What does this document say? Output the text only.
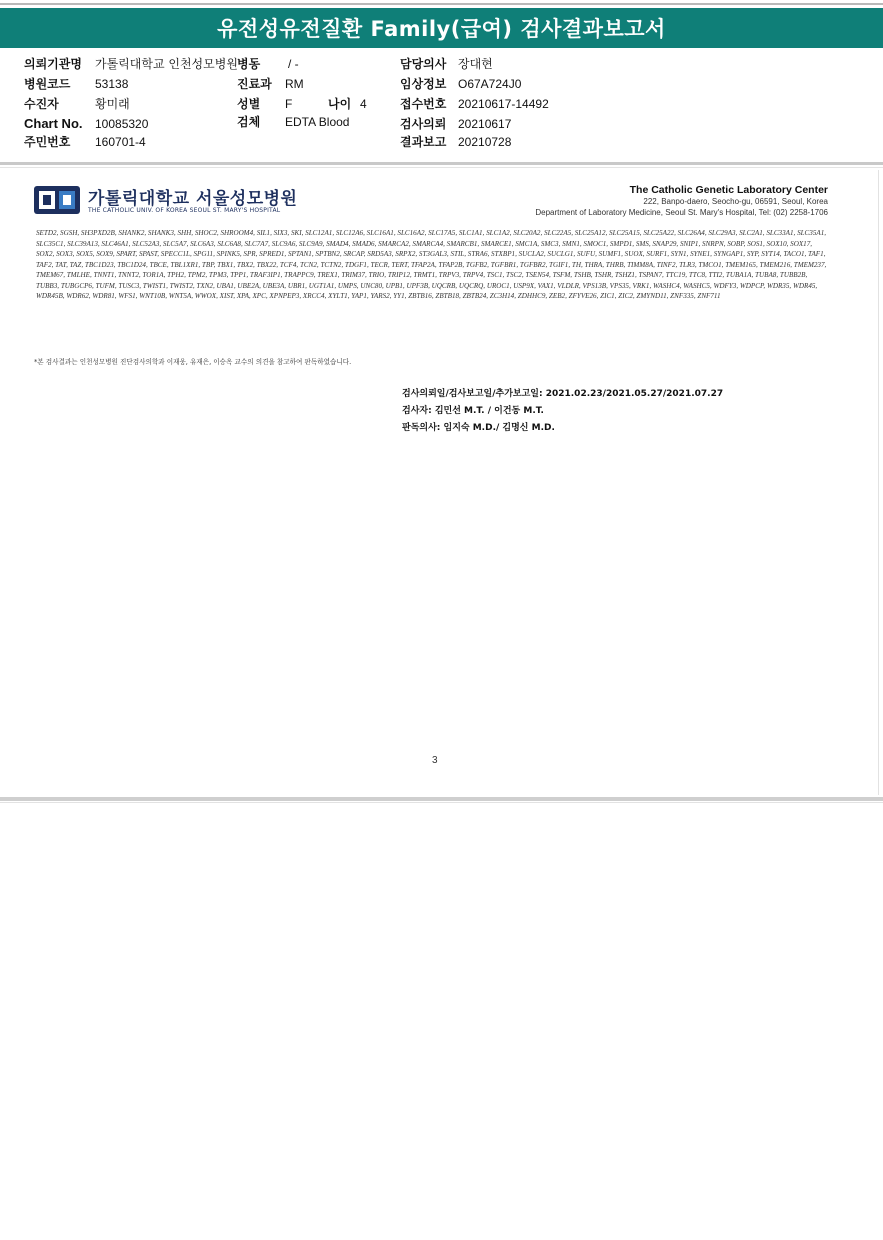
유전성유전질환 Family(급여) 검사결과보고서
의뢰기관명 가톨릭대학교 인천성모병원 병동 / -	담당의사 장대현
병원코드 53138	진료과 RM	임상정보 O67A724J0
수진자	황미래	성별 F	나이 4	접수번호 20210617-14492
Chart No. 10085320	검체 EDTA Blood	검사의뢰 20210617
주민번호 160701-4	결과보고 20210728
가톨릭대학교 서울성모병원
THE CATHOLIC UNIV. OF KOREA SEOUL ST. MARY'S HOSPITAL
The Catholic Genetic Laboratory Center
222, Banpo-daero, Seocho-gu, 06591, Seoul, Korea
Department of Laboratory Medicine, Seoul St. Mary's Hospital, Tel: (02) 2258-1706
SETD2, SGSH, SH3PXD2B, SHANK2, SHANK3, SHH, SHOC2, SHROOM4, SIL1, SIX3, SKI, SLC12A1, SLC12A6, SLC16A1, SLC16A2, SLC17A5, SLC1A1, SLC1A2, SLC20A2, SLC22A5, SLC25A12, SLC25A15, SLC25A22, SLC26A4, SLC29A3, SLC2A1, SLC33A1, SLC35A1, SLC35C1, SLC39A13, SLC46A1, SLC52A3, SLC5A7, SLC6A3, SLC6A8, SLC7A7, SLC9A6, SLC9A9, SMAD4, SMAD6, SMARCA2, SMARCA4, SMARCB1, SMARCE1, SMC1A, SMC3, SMN1, SMOC1, SMPD1, SMS, SNAP29, SNIP1, SNRPN, SOBP, SOS1, SOX10, SOX17, SOX2, SOX3, SOX5, SOX9, SPART, SPAST, SPECC1L, SPG11, SPINK5, SPR, SPRED1, SPTAN1, SPTBN2, SRCAP, SRD5A3, SRPX2, ST3GAL3, STIL, STRA6, STXBP1, SUCLA2, SUCLG1, SUFU, SUMF1, SUOX, SURF1, SYN1, SYNE1, SYNGAP1, SYP, SYT14, TACO1, TAF1, TAF2, TAT, TAZ, TBC1D23, TBC1D24, TBCE, TBL1XR1, TBP, TBX1, TBX2, TBX22, TCF4, TCN2, TCTN2, TDGF1, TECR, TERT, TFAP2A, TFAP2B, TGFB2, TGFBR1, TGFBR2, TGIF1, TH, THRA, THRB, TIMM8A, TINF2, TLR3, TMCO1, TMEM165, TMEM216, TMEM237, TMEM67, TMLHE, TNNT1, TNNT2, TOR1A, TPH2, TPM2, TPM3, TPP1, TRAF3IP1, TRAPPC9, TREX1, TRIM37, TRIO, TRIP12, TRMT1, TRPV3, TRPV4, TSC1, TSC2, TSEN54, TSFM, TSHB, TSHR, TSHZ1, TSPAN7, TTC19, TTC8, TTI2, TUBA1A, TUBA8, TUBB2B, TUBB3, TUBGCP6, TUFM, TUSC3, TWIST1, TWIST2, TXN2, UBA1, UBE2A, UBE3A, UBR1, UGT1A1, UMPS, UNC80, UPB1, UPF3B, UQCRB, UQCRQ, UROC1, USP9X, VAX1, VLDLR, VPS13B, VPS35, VRK1, WASHC4, WASHC5, WDFY3, WDPCP, WDR35, WDR45, WDR45B, WDR62, WDR81, WFS1, WNT10B, WNT5A, WWOX, XIST, XPA, XPC, XPNPEP3, XRCC4, XYLT1, YAP1, YARS2, YY1, ZBTB16, ZBTB18, ZBTB24, ZC3H14, ZDHHC9, ZEB2, ZFYVE26, ZIC1, ZIC2, ZMYND11, ZNF335, ZNF711
*본 검사결과는 인천성모병원 진단검사의학과 이재웅, 유재은, 이승옥 교수의 의견을 참고하여 판독하였습니다.
검사의뢰일/검사보고일/추가보고일: 2021.02.23/2021.05.27/2021.07.27
검사자: 김민선 M.T. / 이건동 M.T.
판독의사: 임지숙 M.D./ 김명신 M.D.
3
